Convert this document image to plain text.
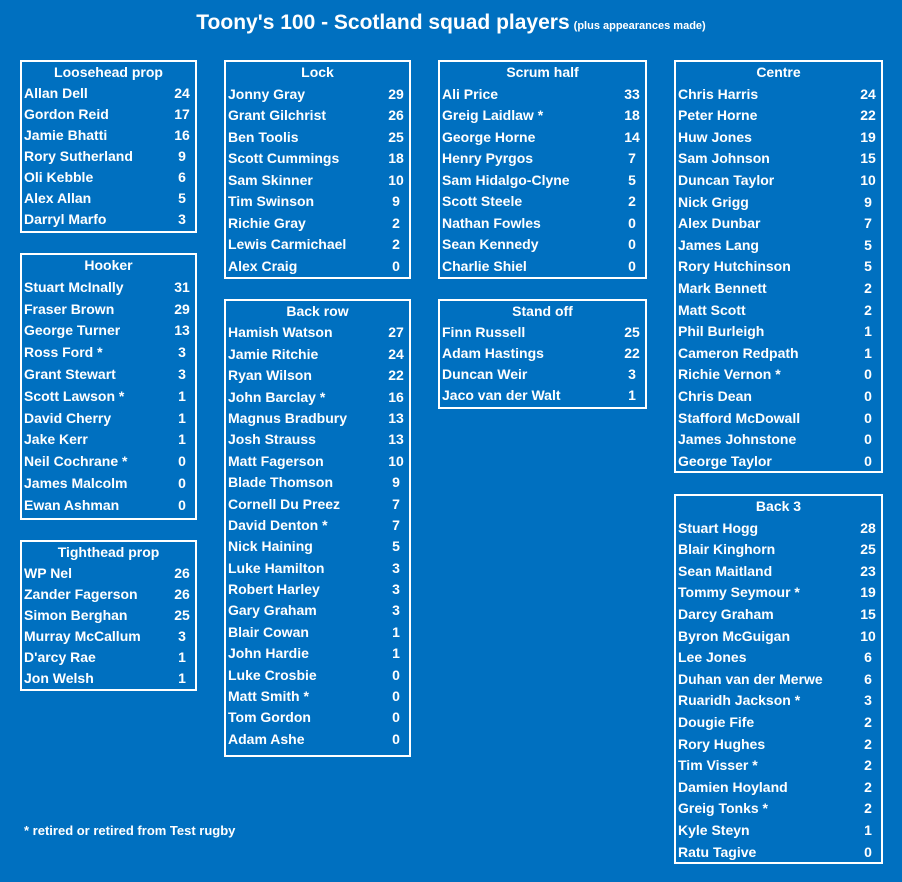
Toony's 100 - Scotland squad players (plus appearances made)
Loosehead prop
Allan Dell	24
Gordon Reid	17
Jamie Bhatti	16
Rory Sutherland	9
Oli Kebble	6
Alex Allan	5
Darryl Marfo	3
Hooker
Stuart McInally	31
Fraser Brown	29
George Turner	13
Ross Ford *	3
Grant Stewart	3
Scott Lawson *	1
David Cherry	1
Jake Kerr	1
Neil Cochrane *	0
James Malcolm	0
Ewan Ashman	0
Tighthead prop
WP Nel	26
Zander Fagerson	26
Simon Berghan	25
Murray McCallum	3
D'arcy Rae	1
Jon Welsh	1
Lock
Jonny Gray	29
Grant Gilchrist	26
Ben Toolis	25
Scott Cummings	18
Sam Skinner	10
Tim Swinson	9
Richie Gray	2
Lewis Carmichael	2
Alex Craig	0
Back row
Hamish Watson	27
Jamie Ritchie	24
Ryan Wilson	22
John Barclay *	16
Magnus Bradbury	13
Josh Strauss	13
Matt Fagerson	10
Blade Thomson	9
Cornell Du Preez	7
David Denton *	7
Nick Haining	5
Luke Hamilton	3
Robert Harley	3
Gary Graham	3
Blair Cowan	1
John Hardie	1
Luke Crosbie	0
Matt Smith *	0
Tom Gordon	0
Adam Ashe	0
Scrum half
Ali Price	33
Greig Laidlaw *	18
George Horne	14
Henry Pyrgos	7
Sam Hidalgo-Clyne	5
Scott Steele	2
Nathan Fowles	0
Sean Kennedy	0
Charlie Shiel	0
Stand off
Finn Russell	25
Adam Hastings	22
Duncan Weir	3
Jaco van der Walt	1
Centre
Chris Harris	24
Peter Horne	22
Huw Jones	19
Sam Johnson	15
Duncan Taylor	10
Nick Grigg	9
Alex Dunbar	7
James Lang	5
Rory Hutchinson	5
Mark Bennett	2
Matt Scott	2
Phil Burleigh	1
Cameron Redpath	1
Richie Vernon *	0
Chris Dean	0
Stafford McDowall	0
James Johnstone	0
George Taylor	0
Back 3
Stuart Hogg	28
Blair Kinghorn	25
Sean Maitland	23
Tommy Seymour *	19
Darcy Graham	15
Byron McGuigan	10
Lee Jones	6
Duhan van der Merwe	6
Ruaridh Jackson *	3
Dougie Fife	2
Rory Hughes	2
Tim Visser *	2
Damien Hoyland	2
Greig Tonks *	2
Kyle Steyn	1
Ratu Tagive	0
* retired or retired from Test rugby
